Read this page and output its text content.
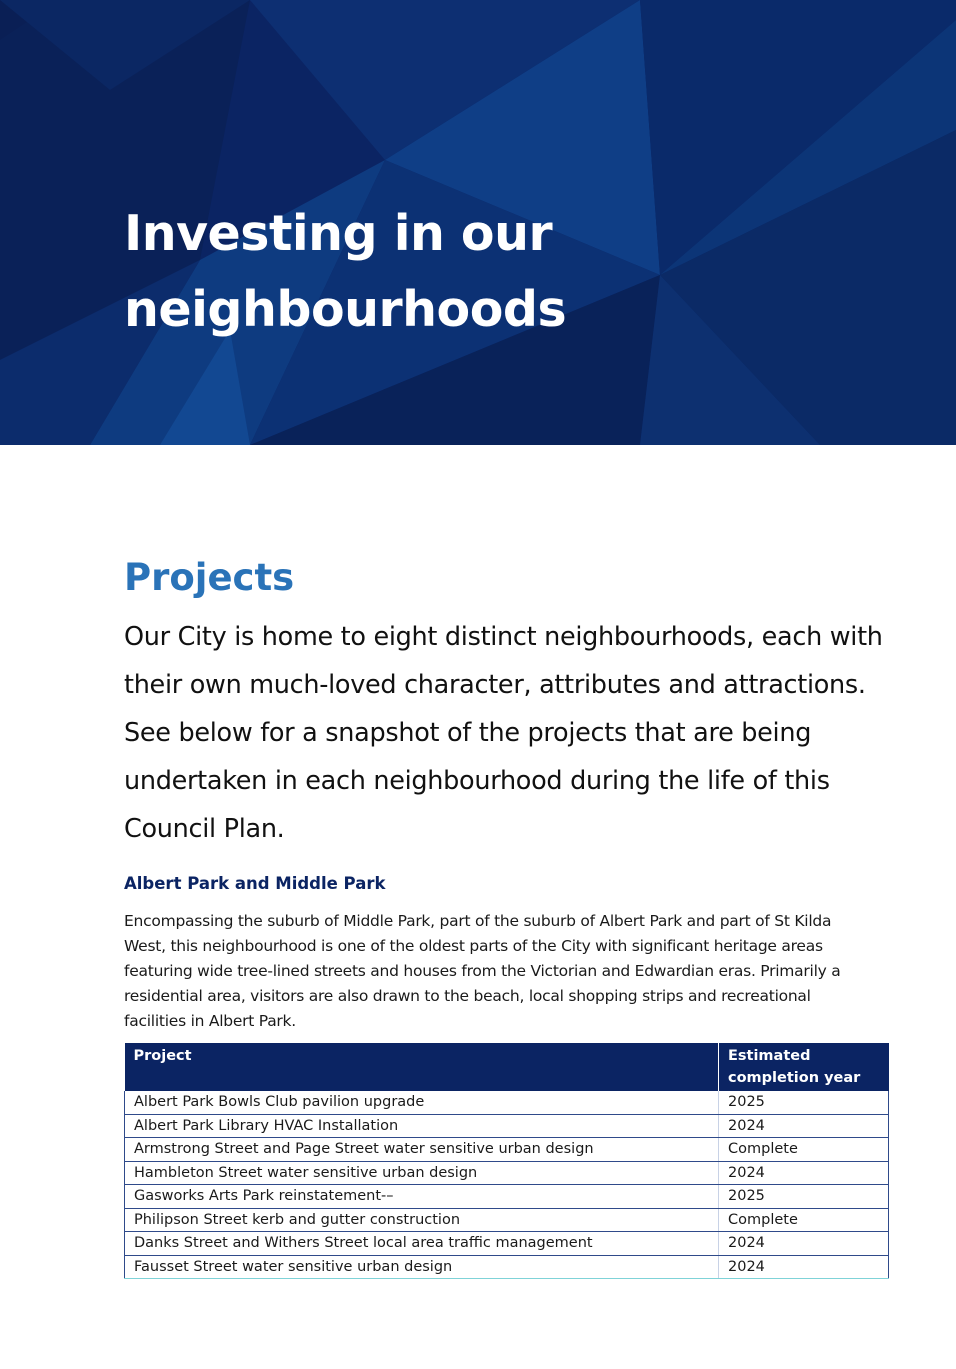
Investing in our
neighbourhoods
Projects

Our City is home to eight distinct neighbourhoods, each with their own much-loved character, attributes and attractions. See below for a snapshot of the projects that are being undertaken in each neighbourhood during the life of this Council Plan.

Albert Park and Middle Park

Encompassing the suburb of Middle Park, part of the suburb of Albert Park and part of St Kilda West, this neighbourhood is one of the oldest parts of the City with significant heritage areas featuring wide tree-lined streets and houses from the Victorian and Edwardian eras. Primarily a residential area, visitors are also drawn to the beach, local shopping strips and recreational facilities in Albert Park.

Project	Estimated completion year
Albert Park Bowls Club pavilion upgrade	2025
Albert Park Library HVAC Installation	2024
Armstrong Street and Page Street water sensitive urban design	Complete
Hambleton Street water sensitive urban design	2024
Gasworks Arts Park reinstatement-–	2025
Philipson Street kerb and gutter construction	Complete
Danks Street and Withers Street local area traffic management	2024
Fausset Street water sensitive urban design	2024
